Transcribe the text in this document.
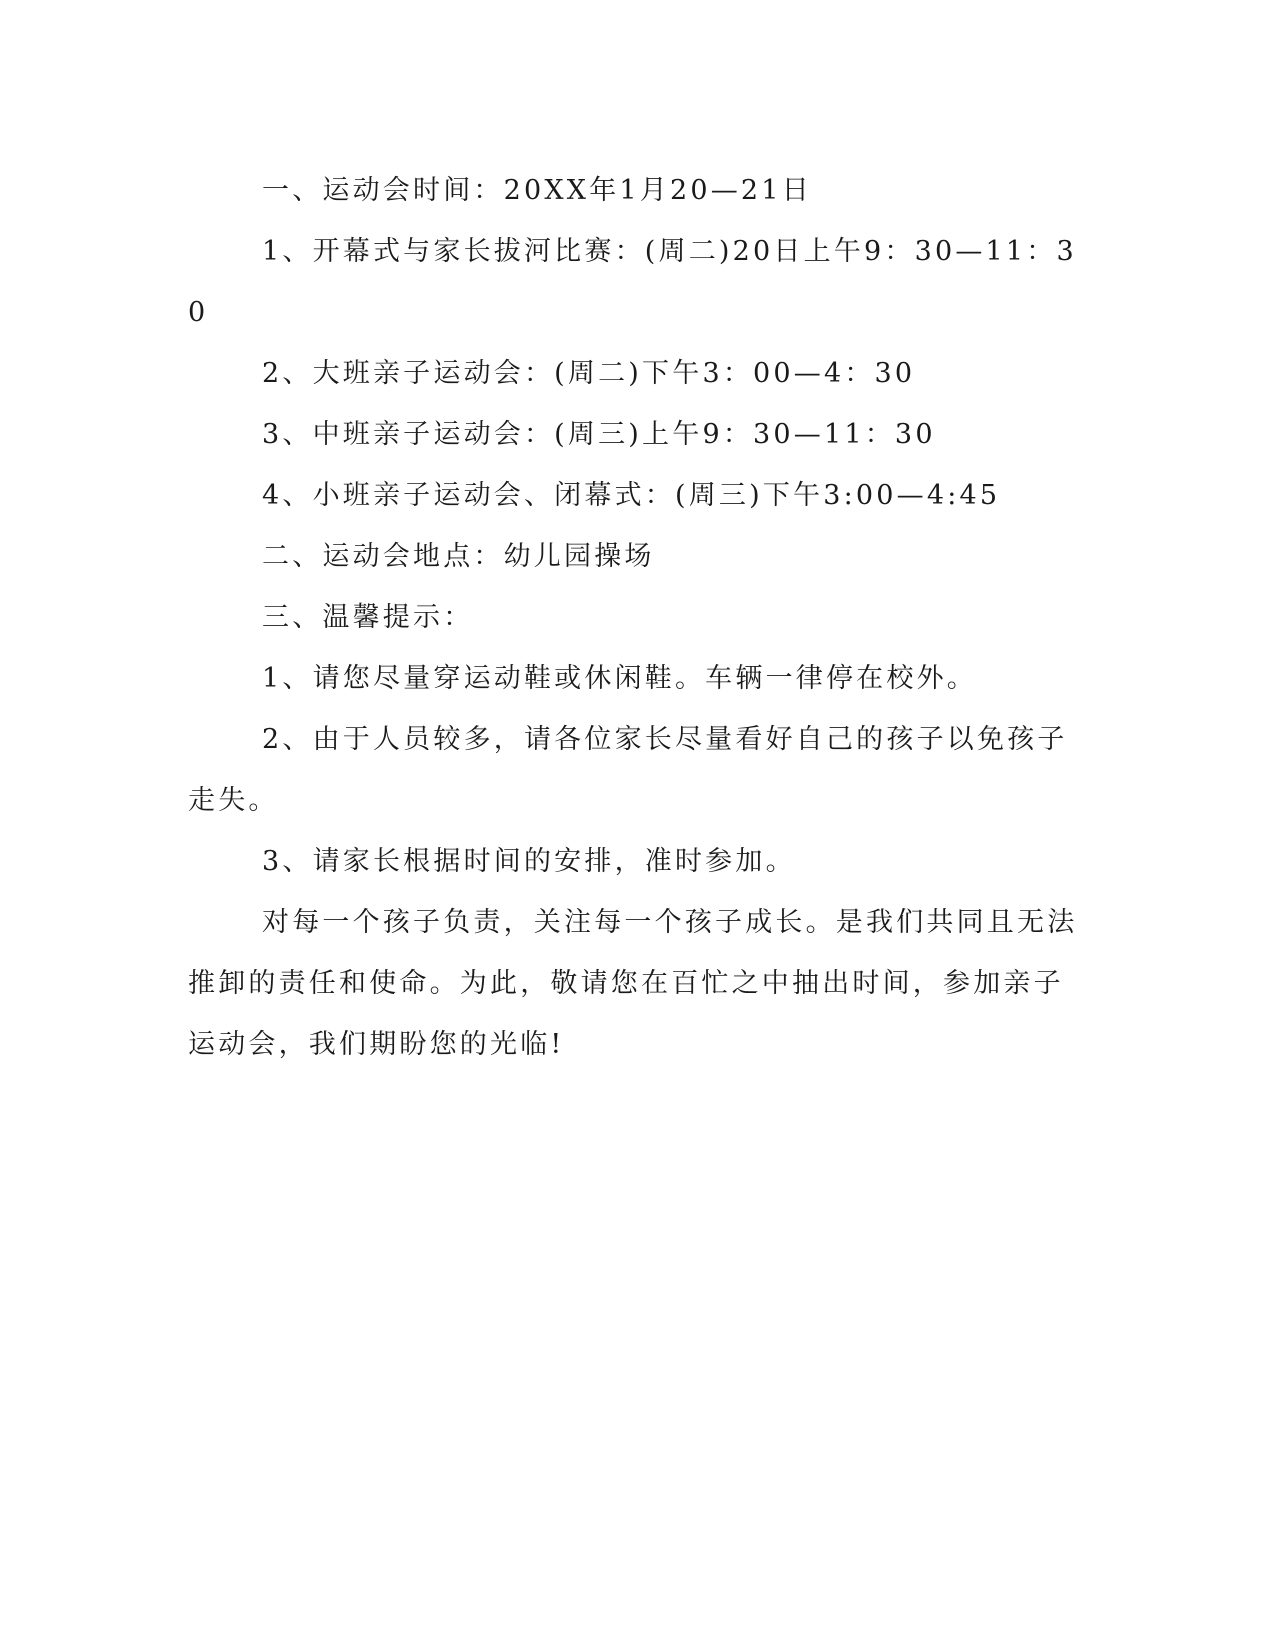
一、运动会时间：20XX年1月20—21日

1、开幕式与家长拔河比赛：(周二)20日上午9：30—11：30

2、大班亲子运动会：(周二)下午3：00—4：30

3、中班亲子运动会：(周三)上午9：30—11：30

4、小班亲子运动会、闭幕式：(周三)下午3:00—4:45

二、运动会地点：幼儿园操场

三、温馨提示：

1、请您尽量穿运动鞋或休闲鞋。车辆一律停在校外。

2、由于人员较多，请各位家长尽量看好自己的孩子以免孩子走失。

3、请家长根据时间的安排，准时参加。

对每一个孩子负责，关注每一个孩子成长。是我们共同且无法推卸的责任和使命。为此，敬请您在百忙之中抽出时间，参加亲子运动会，我们期盼您的光临!
